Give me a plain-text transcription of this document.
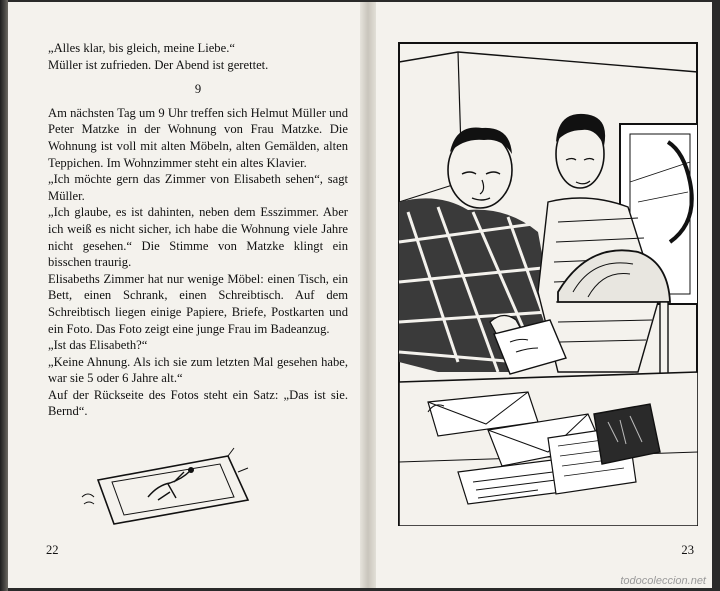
„Alles klar, bis gleich, meine Liebe.“

Müller ist zufrieden. Der Abend ist gerettet.

9

Am nächsten Tag um 9 Uhr treffen sich Helmut Müller und Peter Matzke in der Wohnung von Frau Matzke. Die Wohnung ist voll mit alten Möbeln, alten Gemälden, alten Teppichen. Im Wohnzimmer steht ein altes Klavier.

„Ich möchte gern das Zimmer von Elisabeth sehen“, sagt Müller.

„Ich glaube, es ist dahinten, neben dem Esszimmer. Aber ich weiß es nicht sicher, ich habe die Wohnung viele Jahre nicht gesehen.“ Die Stimme von Matzke klingt ein bisschen traurig.

Elisabeths Zimmer hat nur wenige Möbel: einen Tisch, ein Bett, einen Schrank, einen Schreibtisch. Auf dem Schreibtisch liegen einige Papiere, Briefe, Postkarten und ein Foto. Das Foto zeigt eine junge Frau im Badeanzug.

„Ist das Elisabeth?“

„Keine Ahnung. Als ich sie zum letzten Mal gesehen habe, war sie 5 oder 6 Jahre alt.“

Auf der Rückseite des Fotos steht ein Satz: „Das ist sie. Bernd“.

22	23
todocoleccion.net
